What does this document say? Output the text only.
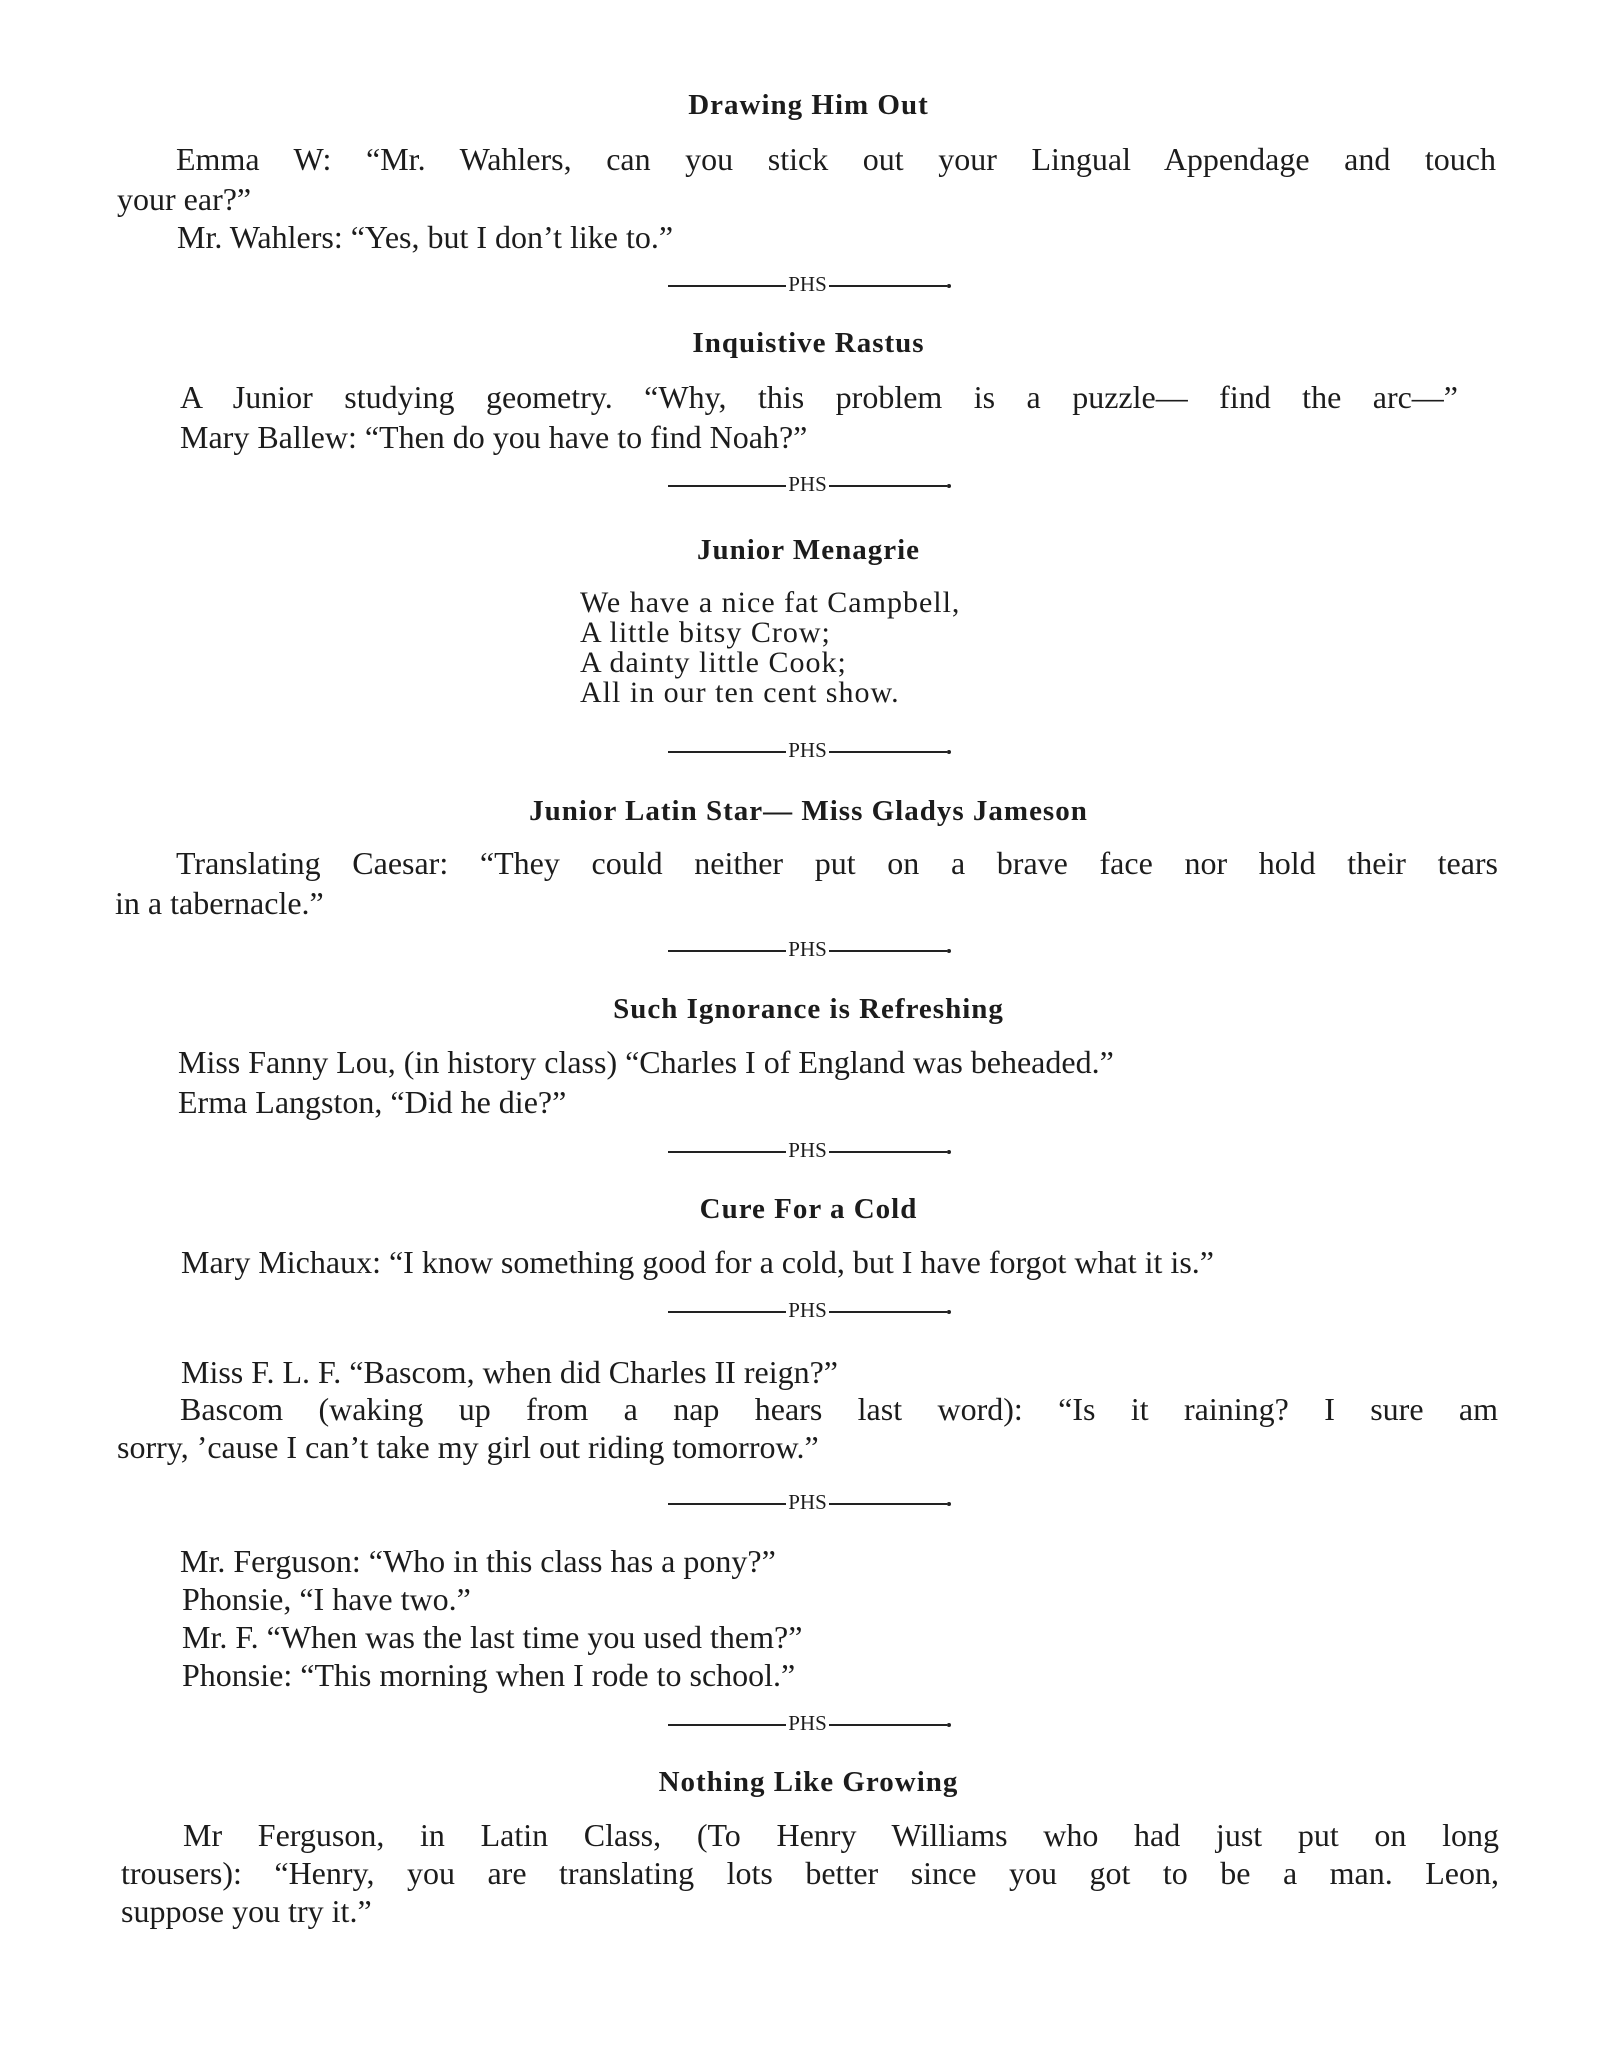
Drawing Him Out
Emma W: “Mr. Wahlers, can you stick out your Lingual Appendage and touch
your ear?”
Mr. Wahlers: “Yes, but I don’t like to.”
PHS
Inquistive Rastus
A Junior studying geometry. “Why, this problem is a puzzle— find the arc—”
Mary Ballew: “Then do you have to find Noah?”
PHS
Junior Menagrie
We have a nice fat Campbell,
A little bitsy Crow;
A dainty little Cook;
All in our ten cent show.
PHS
Junior Latin Star— Miss Gladys Jameson
Translating Caesar: “They could neither put on a brave face nor hold their tears
in a tabernacle.”
PHS
Such Ignorance is Refreshing
Miss Fanny Lou, (in history class) “Charles I of England was beheaded.”
Erma Langston, “Did he die?”
PHS
Cure For a Cold
Mary Michaux: “I know something good for a cold, but I have forgot what it is.”
PHS
Miss F. L. F. “Bascom, when did Charles II reign?”
Bascom (waking up from a nap hears last word): “Is it raining? I sure am
sorry, ’cause I can’t take my girl out riding tomorrow.”
PHS
Mr. Ferguson: “Who in this class has a pony?”
Phonsie, “I have two.”
Mr. F. “When was the last time you used them?”
Phonsie: “This morning when I rode to school.”
PHS
Nothing Like Growing
Mr Ferguson, in Latin Class, (To Henry Williams who had just put on long
trousers): “Henry, you are translating lots better since you got to be a man. Leon,
suppose you try it.”
